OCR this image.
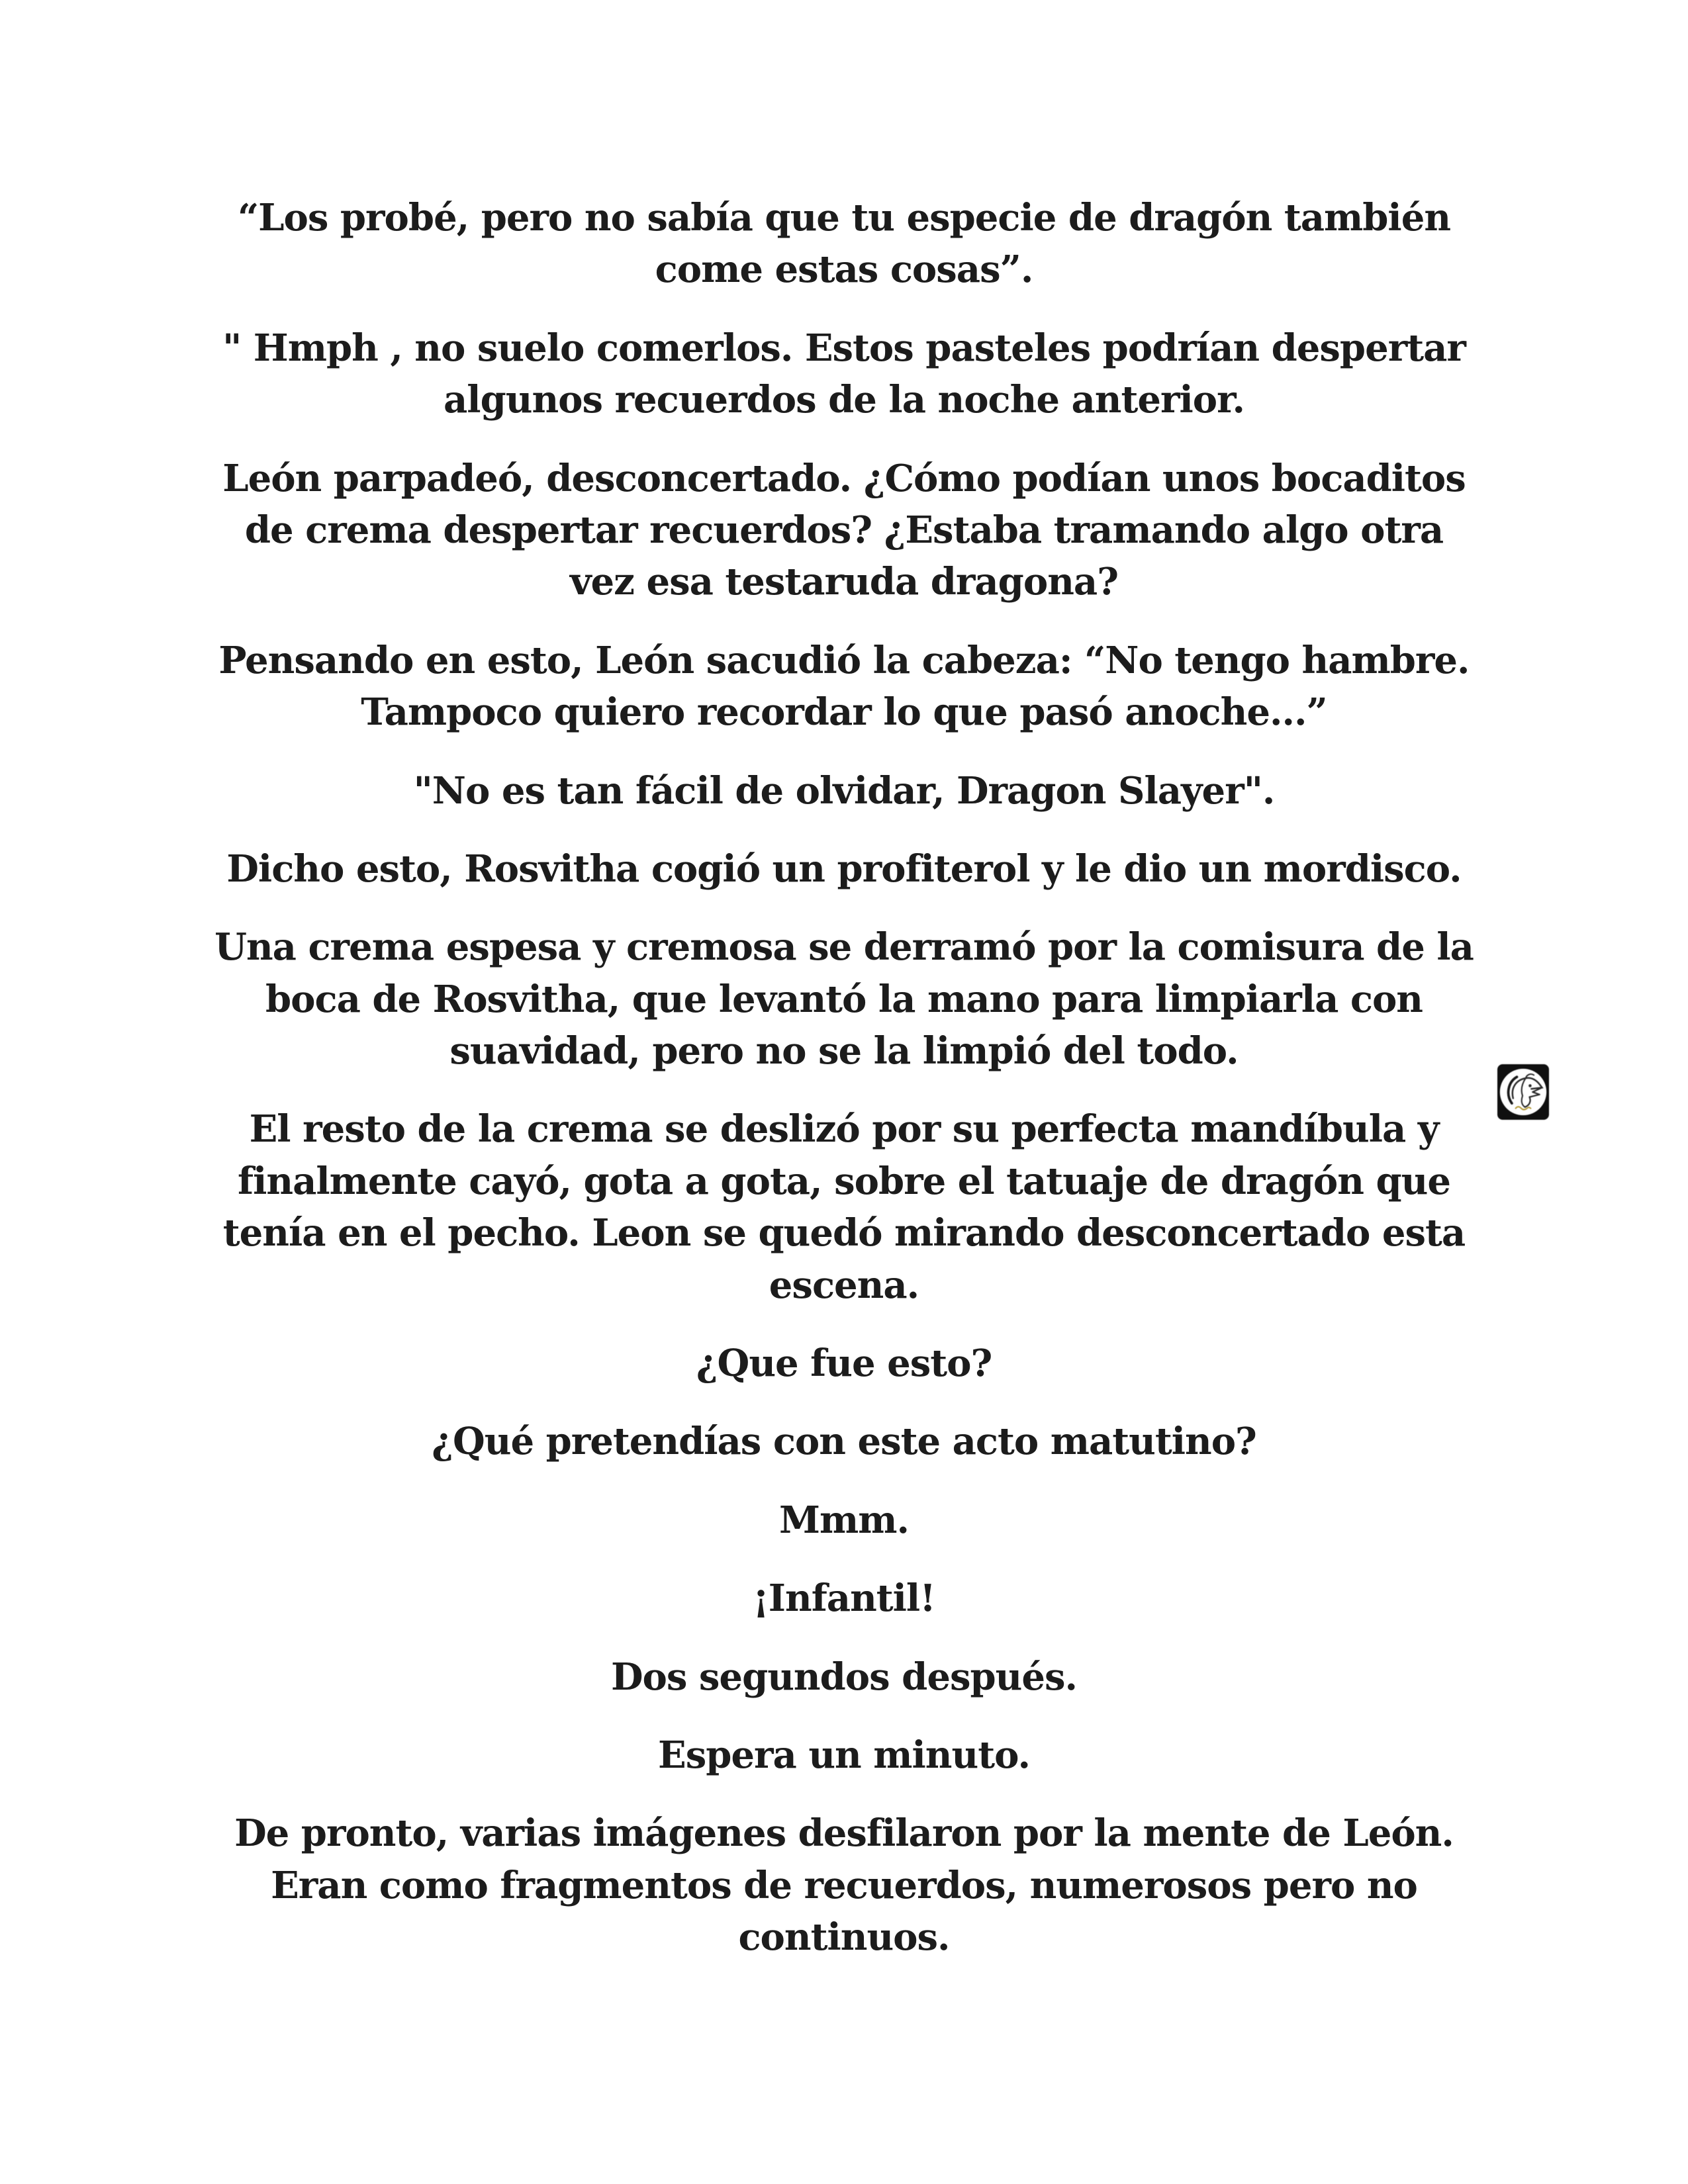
“Los probé, pero no sabía que tu especie de dragón también come estas cosas”.

" Hmph , no suelo comerlos. Estos pasteles podrían despertar algunos recuerdos de la noche anterior.

León parpadeó, desconcertado. ¿Cómo podían unos bocaditos de crema despertar recuerdos? ¿Estaba tramando algo otra vez esa testaruda dragona?

Pensando en esto, León sacudió la cabeza: “No tengo hambre. Tampoco quiero recordar lo que pasó anoche...”

"No es tan fácil de olvidar, Dragon Slayer".

Dicho esto, Rosvitha cogió un profiterol y le dio un mordisco.

Una crema espesa y cremosa se derramó por la comisura de la boca de Rosvitha, que levantó la mano para limpiarla con suavidad, pero no se la limpió del todo.

El resto de la crema se deslizó por su perfecta mandíbula y finalmente cayó, gota a gota, sobre el tatuaje de dragón que tenía en el pecho. Leon se quedó mirando desconcertado esta escena.

¿Que fue esto?

¿Qué pretendías con este acto matutino?

Mmm.

¡Infantil!

Dos segundos después.

Espera un minuto.

De pronto, varias imágenes desfilaron por la mente de León. Eran como fragmentos de recuerdos, numerosos pero no continuos.
